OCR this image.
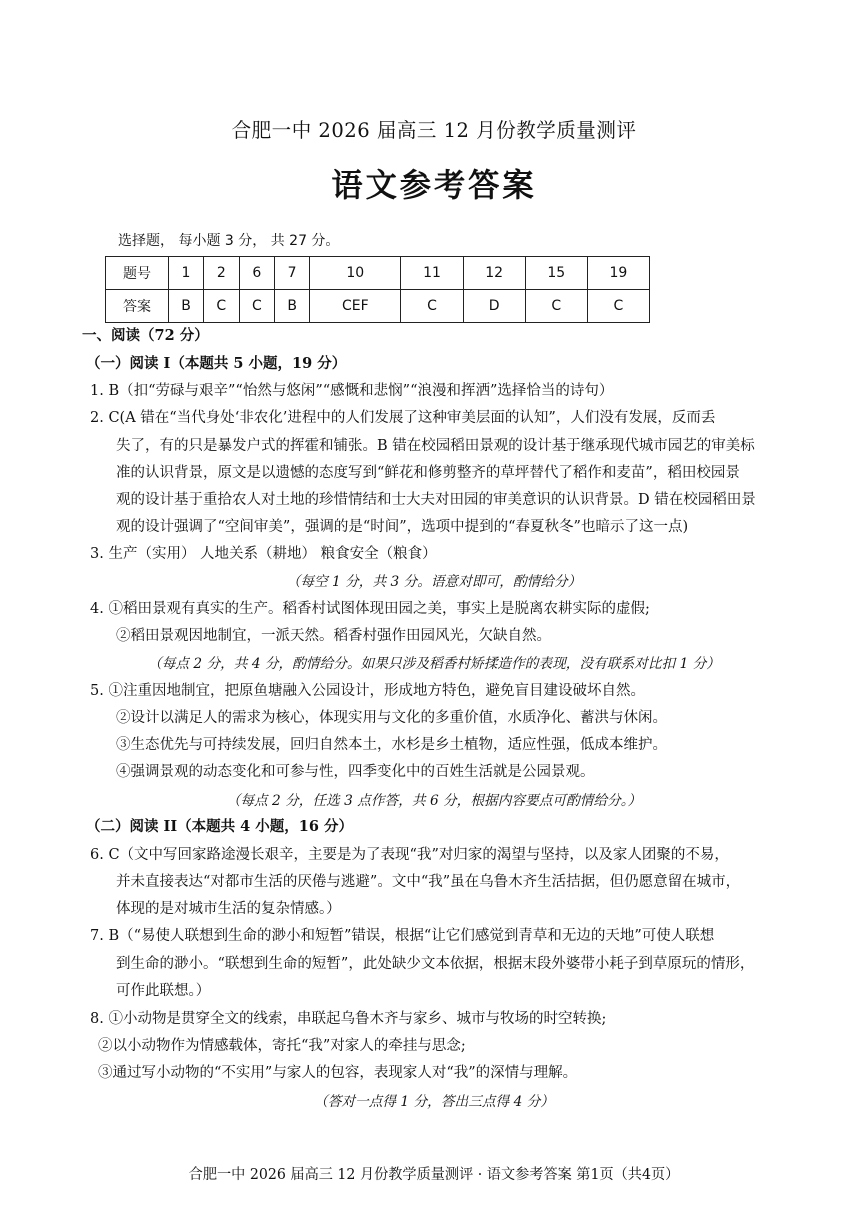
合肥一中 2026 届高三 12 月份教学质量测评
语文参考答案
选择题， 每小题 3 分， 共 27 分。
题号	1	2	6	7	10	11	12	15	19
答案	B	C	C	B	CEF	C	D	C	C
一、阅读（72 分）
（一）阅读 I（本题共 5 小题，19 分）
1. B（扣“劳碌与艰辛”“怡然与悠闲”“感慨和悲悯”“浪漫和挥洒”选择恰当的诗句）
2. C(A 错在“当代身处‘非农化’进程中的人们发展了这种审美层面的认知”，人们没有发展，反而丢
失了，有的只是暴发户式的挥霍和铺张。B 错在校园稻田景观的设计基于继承现代城市园艺的审美标
准的认识背景，原文是以遗憾的态度写到“鲜花和修剪整齐的草坪替代了稻作和麦苗”，稻田校园景
观的设计基于重拾农人对土地的珍惜情结和士大夫对田园的审美意识的认识背景。D 错在校园稻田景
观的设计强调了“空间审美”，强调的是“时间”，选项中提到的“春夏秋冬”也暗示了这一点)
3. 生产（实用） 人地关系（耕地） 粮食安全（粮食）
（每空 1 分，共 3 分。语意对即可，酌情给分）
4. ①稻田景观有真实的生产。稻香村试图体现田园之美，事实上是脱离农耕实际的虚假;
②稻田景观因地制宜，一派天然。稻香村强作田园风光，欠缺自然。
（每点 2 分，共 4 分，酌情给分。如果只涉及稻香村矫揉造作的表现，没有联系对比扣 1 分）
5. ①注重因地制宜，把原鱼塘融入公园设计，形成地方特色，避免盲目建设破坏自然。
②设计以满足人的需求为核心，体现实用与文化的多重价值，水质净化、蓄洪与休闲。
③生态优先与可持续发展，回归自然本土，水杉是乡土植物，适应性强，低成本维护。
④强调景观的动态变化和可参与性，四季变化中的百姓生活就是公园景观。
（每点 2 分，任选 3 点作答，共 6 分，根据内容要点可酌情给分。）
（二）阅读 II（本题共 4 小题，16 分）
6. C（文中写回家路途漫长艰辛，主要是为了表现“我”对归家的渴望与坚持，以及家人团聚的不易，
并未直接表达“对都市生活的厌倦与逃避”。文中“我”虽在乌鲁木齐生活拮据，但仍愿意留在城市，
体现的是对城市生活的复杂情感。）
7. B（“易使人联想到生命的渺小和短暂”错误，根据“让它们感觉到青草和无边的天地”可使人联想
到生命的渺小。“联想到生命的短暂”，此处缺少文本依据，根据末段外婆带小耗子到草原玩的情形，
可作此联想。）
8. ①小动物是贯穿全文的线索，串联起乌鲁木齐与家乡、城市与牧场的时空转换;
②以小动物作为情感载体，寄托“我”对家人的牵挂与思念;
③通过写小动物的“不实用”与家人的包容，表现家人对“我”的深情与理解。
（答对一点得 1 分，答出三点得 4 分）
合肥一中 2026 届高三 12 月份教学质量测评 · 语文参考答案 第1页（共4页）
